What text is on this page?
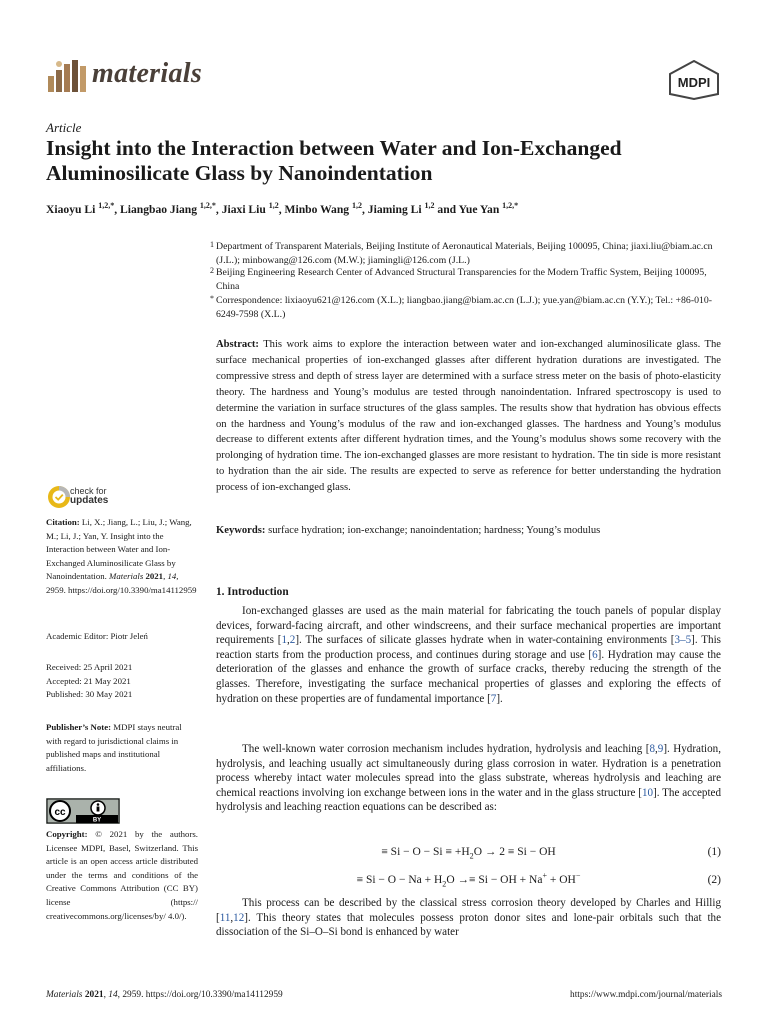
materials	MDPI
Article
Insight into the Interaction between Water and Ion-Exchanged Aluminosilicate Glass by Nanoindentation
Xiaoyu Li $^{1,2,*}$, Liangbao Jiang $^{1,2,*}$, Jiaxi Liu $^{1,2}$, Minbo Wang $^{1,2}$, Jiaming Li $^{1,2}$ and Yue Yan $^{1,2,*}$
1 Department of Transparent Materials, Beijing Institute of Aeronautical Materials, Beijing 100095, China; jiaxi.liu@biam.ac.cn (J.L.); minbowang@126.com (M.W.); jiamingli@126.com (J.L.)
2 Beijing Engineering Research Center of Advanced Structural Transparencies for the Modern Traffic System, Beijing 100095, China
* Correspondence: lixiaoyu621@126.com (X.L.); liangbao.jiang@biam.ac.cn (L.J.); yue.yan@biam.ac.cn (Y.Y.); Tel.: +86-010-6249-7598 (X.L.)
Abstract: This work aims to explore the interaction between water and ion-exchanged aluminosilicate glass. The surface mechanical properties of ion-exchanged glasses after different hydration durations are investigated. The compressive stress and depth of stress layer are determined with a surface stress meter on the basis of photo-elasticity theory. The hardness and Young’s modulus are tested through nanoindentation. Infrared spectroscopy is used to determine the variation in surface structures of the glass samples. The results show that hydration has obvious effects on the hardness and Young’s modulus of the raw and ion-exchanged glasses. The hardness and Young’s modulus decrease to different extents after different hydration times, and the Young’s modulus shows some recovery with the prolonging of hydration time. The ion-exchanged glasses are more resistant to hydration. The tin side is more resistant to hydration than the air side. The results are expected to serve as reference for better understanding the hydration process of ion-exchanged glass.
Keywords: surface hydration; ion-exchange; nanoindentation; hardness; Young’s modulus
check for
updates
Citation: Li, X.; Jiang, L.; Liu, J.; Wang, M.; Li, J.; Yan, Y. Insight into the Interaction between Water and Ion-Exchanged Aluminosilicate Glass by Nanoindentation. Materials 2021, 14, 2959. https://doi.org/10.3390/ma14112959
Academic Editor: Piotr Jeleń
Received: 25 April 2021
Accepted: 21 May 2021
Published: 30 May 2021
Publisher’s Note: MDPI stays neutral with regard to jurisdictional claims in published maps and institutional affiliations.
cc
BY
Copyright: © 2021 by the authors. Licensee MDPI, Basel, Switzerland. This article is an open access article distributed under the terms and conditions of the Creative Commons Attribution (CC BY) license (https:// creativecommons.org/licenses/by/ 4.0/).
1. Introduction
Ion-exchanged glasses are used as the main material for fabricating the touch panels of popular display devices, forward-facing aircraft, and other windscreens, and their surface mechanical properties are important requirements [1,2]. The surfaces of silicate glasses hydrate when in water-containing environments [3–5]. This reaction starts from the production process, and continues during storage and use [6]. Hydration may cause the deterioration of the glasses and enhance the growth of surface cracks, thereby reducing the strength of the glasses. Therefore, investigating the surface mechanical properties of glasses and exploring the effects of hydration on these properties are of fundamental importance [7].
The well-known water corrosion mechanism includes hydration, hydrolysis and leaching [8,9]. Hydration, hydrolysis, and leaching usually act simultaneously during glass corrosion in water. Hydration is a penetration process whereby intact water molecules spread into the glass substrate, whereas hydrolysis and leaching are chemical reactions involving ion exchange between ions in the water and in the glass structure [10]. The accepted hydrolysis and leaching reaction equations can be described as:
≡ $Si - O - Si \equiv +H_2O \to 2 \equiv Si$ − OH	(1)
≡ $Si - O - Na + H_2O \to\equiv Si$ − OH + Na+ + OH−	(2)
This process can be described by the classical stress corrosion theory developed by Charles and Hillig [11,12]. This theory states that molecules possess proton donor sites and lone-pair orbitals such that the dissociation of the Si–O–Si bond is enhanced by water
Materials 2021, 14, 2959. https://doi.org/10.3390/ma14112959	https://www.mdpi.com/journal/materials
